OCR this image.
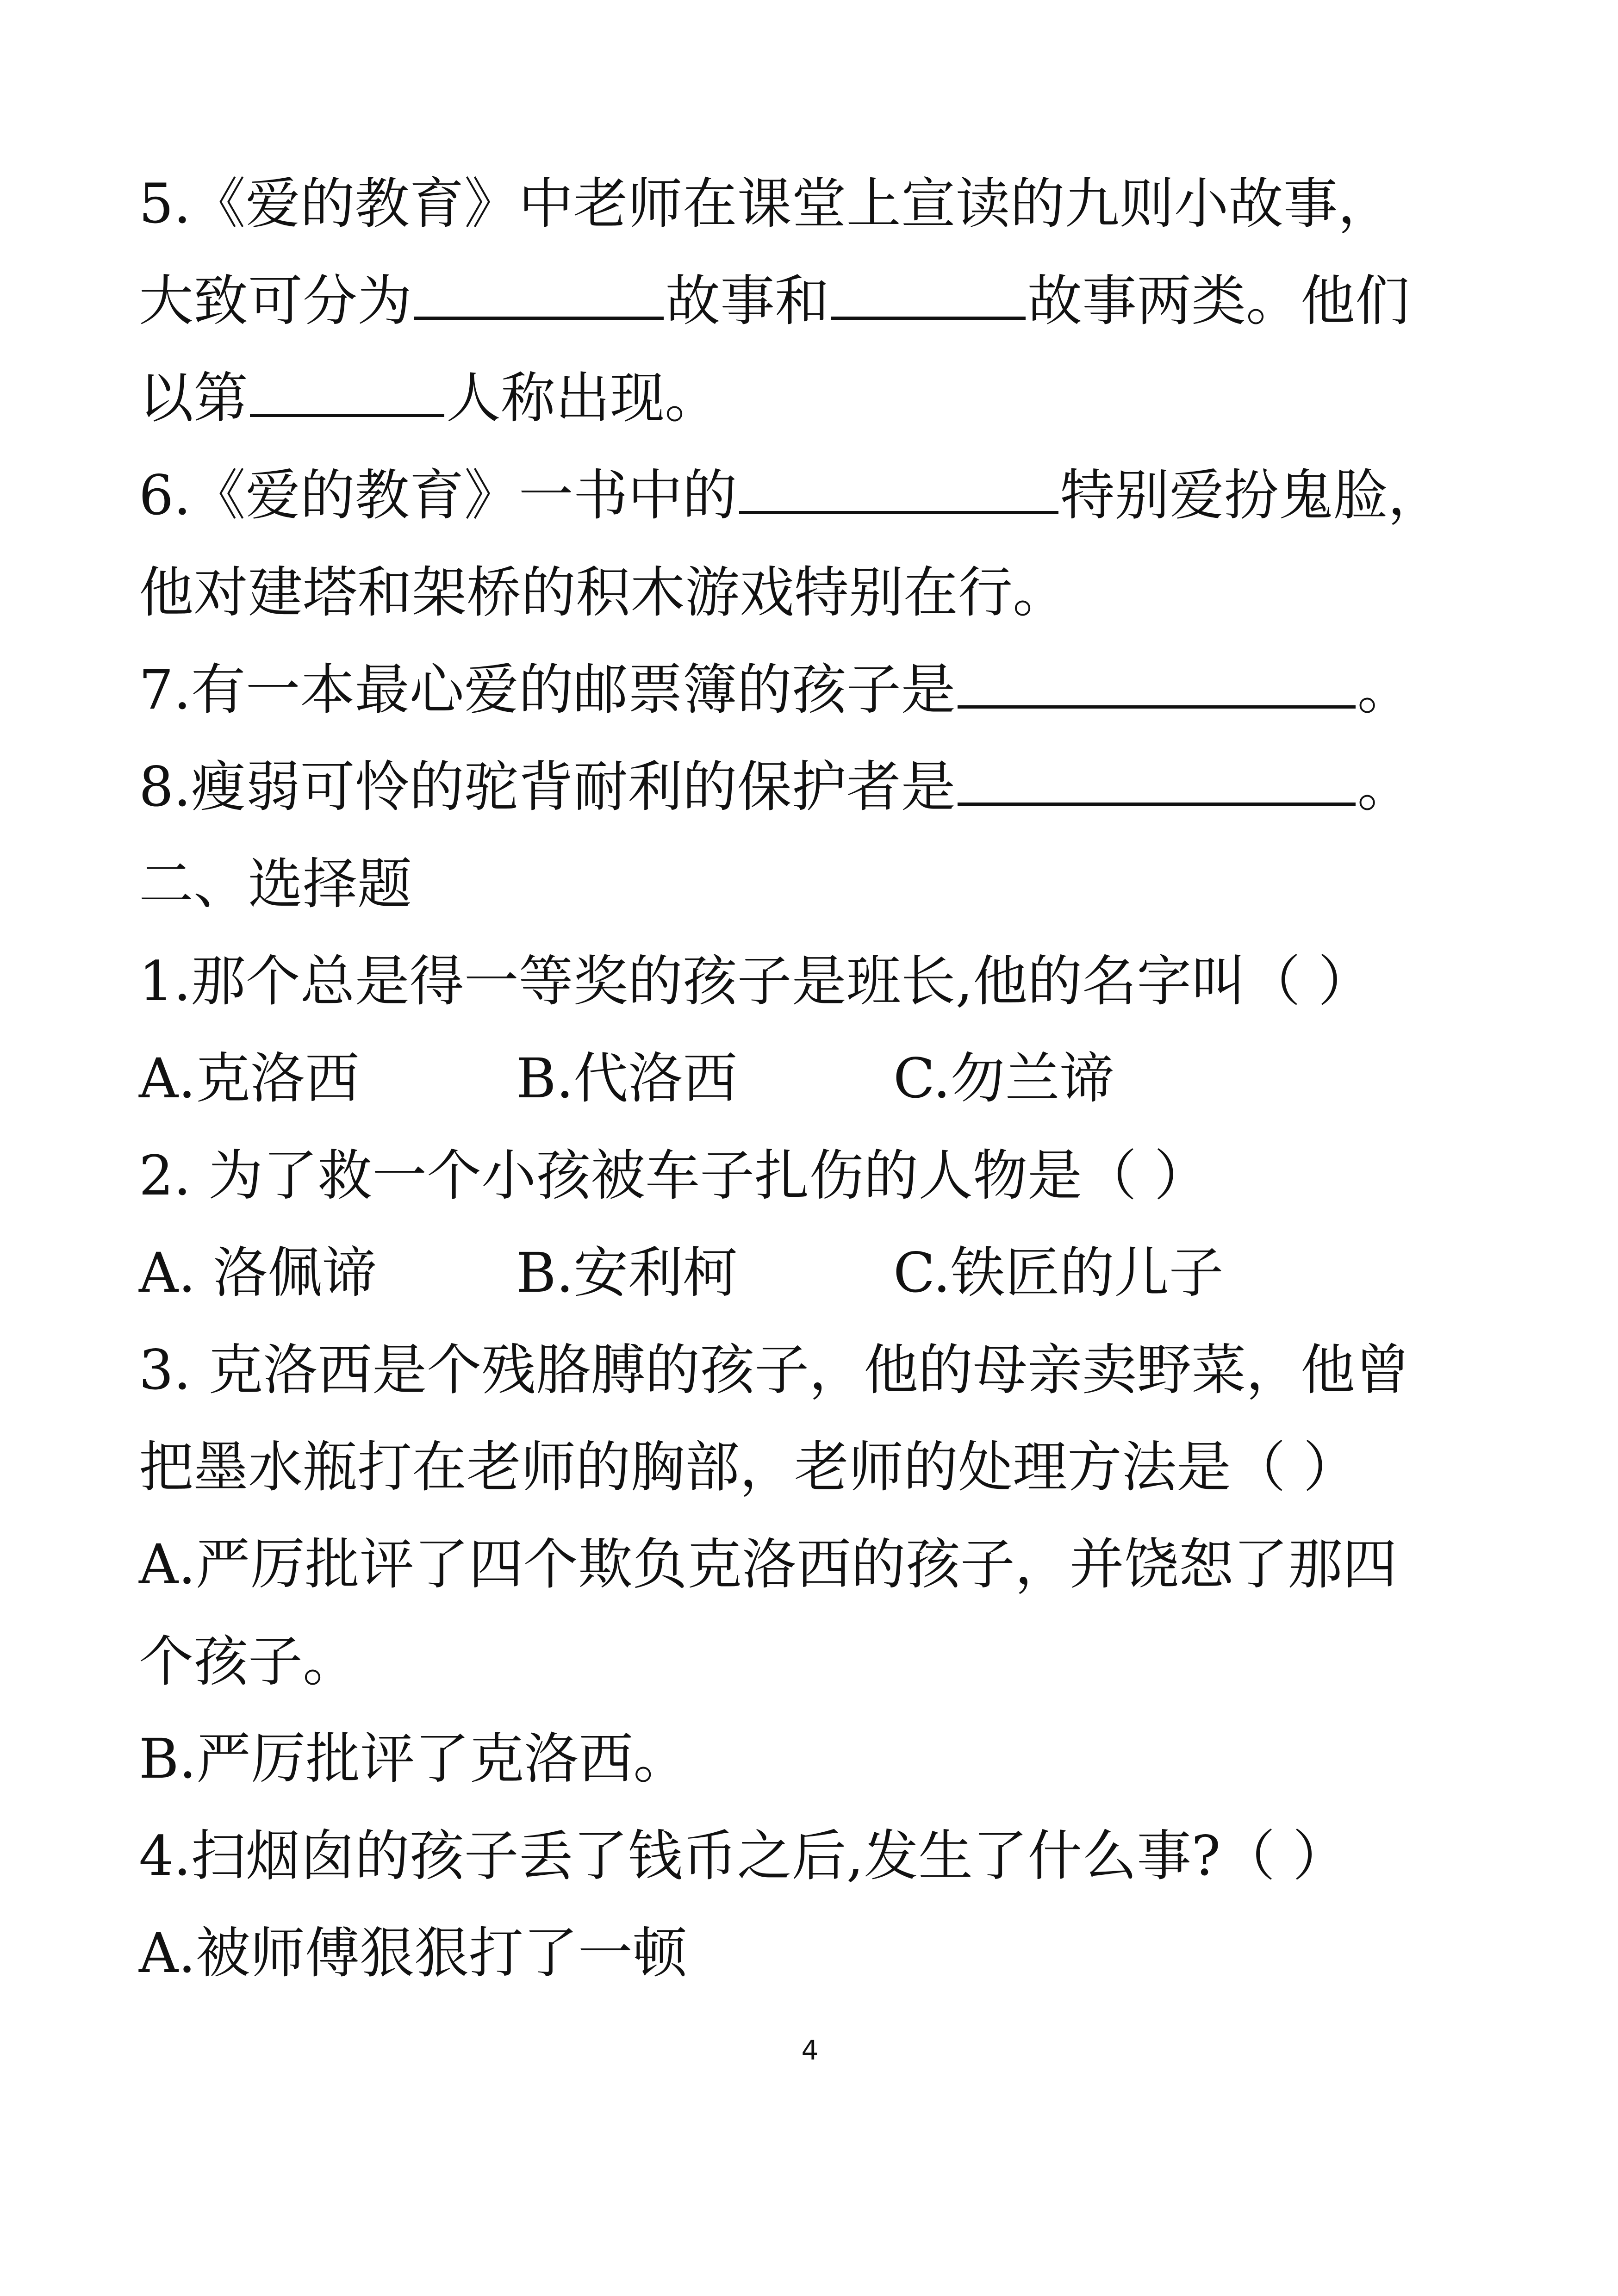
5.《爱的教育》中老师在课堂上宣读的九则小故事，
大致可分为	故事和	故事两类。他们
以第	人称出现。
6.《爱的教育》一书中的	特别爱扮鬼脸，
他对建塔和架桥的积木游戏特别在行。
7.有一本最心爱的邮票簿的孩子是	。
8.瘦弱可怜的驼背耐利的保护者是	。
二、选择题
1.那个总是得一等奖的孩子是班长,他的名字叫（ ）
A.克洛西	B.代洛西	C.勿兰谛
2. 为了救一个小孩被车子扎伤的人物是（ ）
A. 洛佩谛	B.安利柯	C.铁匠的儿子
3. 克洛西是个残胳膊的孩子，他的母亲卖野菜，他曾
把墨水瓶打在老师的胸部，老师的处理方法是（ ）
A.严厉批评了四个欺负克洛西的孩子，并饶恕了那四
个孩子。
B.严厉批评了克洛西。
4.扫烟囱的孩子丢了钱币之后,发生了什么事?（ ）
A.被师傅狠狠打了一顿
4
